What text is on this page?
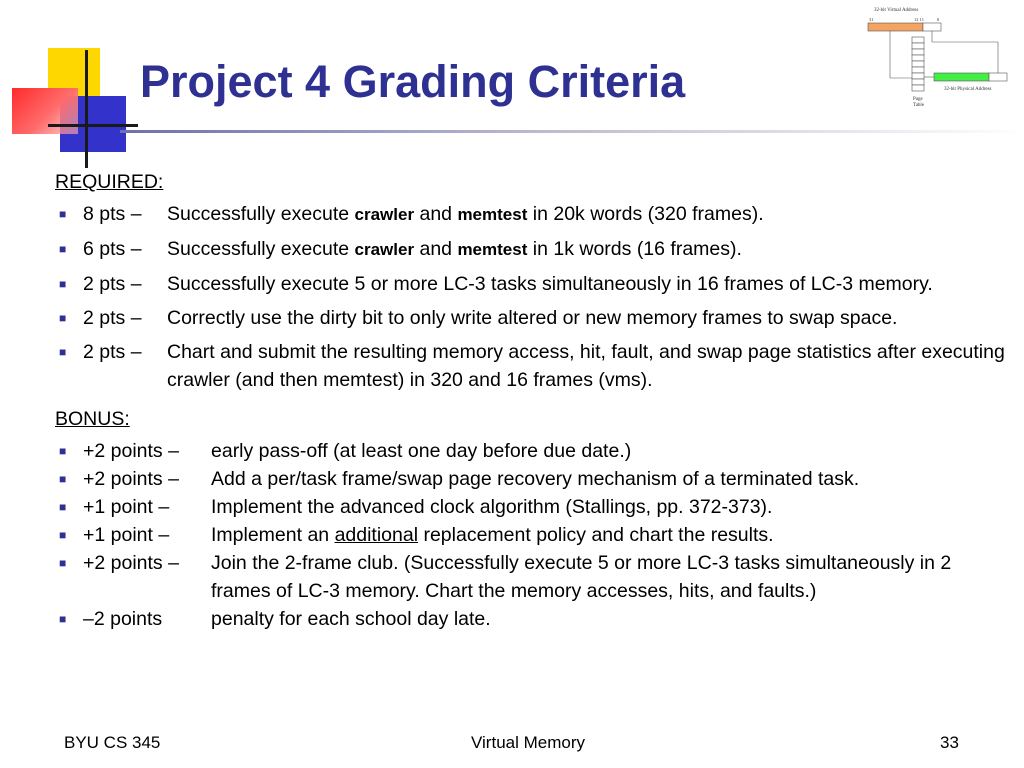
Project 4 Grading Criteria
32-bit Virtual Address
31	12 11	0
Page
Table
32-bit Physical Address
REQUIRED:
■ 8 pts –	Successfully execute crawler and memtest in 20k words (320 frames).
■ 6 pts –	Successfully execute crawler and memtest in 1k words (16 frames).
■ 2 pts –	Successfully execute 5 or more LC-3 tasks simultaneously in 16 frames of LC-3 memory.
■ 2 pts –	Correctly use the dirty bit to only write altered or new memory frames to swap space.
■ 2 pts –	Chart and submit the resulting memory access, hit, fault, and swap page statistics after executing crawler (and then memtest) in 320 and 16 frames (vms).
BONUS:
■ +2 points –	early pass-off (at least one day before due date.)
■ +2 points –	Add a per/task frame/swap page recovery mechanism of a terminated task.
■ +1 point –	Implement the advanced clock algorithm (Stallings, pp. 372-373).
■ +1 point –	Implement an additional replacement policy and chart the results.
■ +2 points –	Join the 2-frame club. (Successfully execute 5 or more LC-3 tasks simultaneously in 2 frames of LC-3 memory. Chart the memory accesses, hits, and faults.)
■ –2 points	penalty for each school day late.
BYU CS 345	Virtual Memory	33
